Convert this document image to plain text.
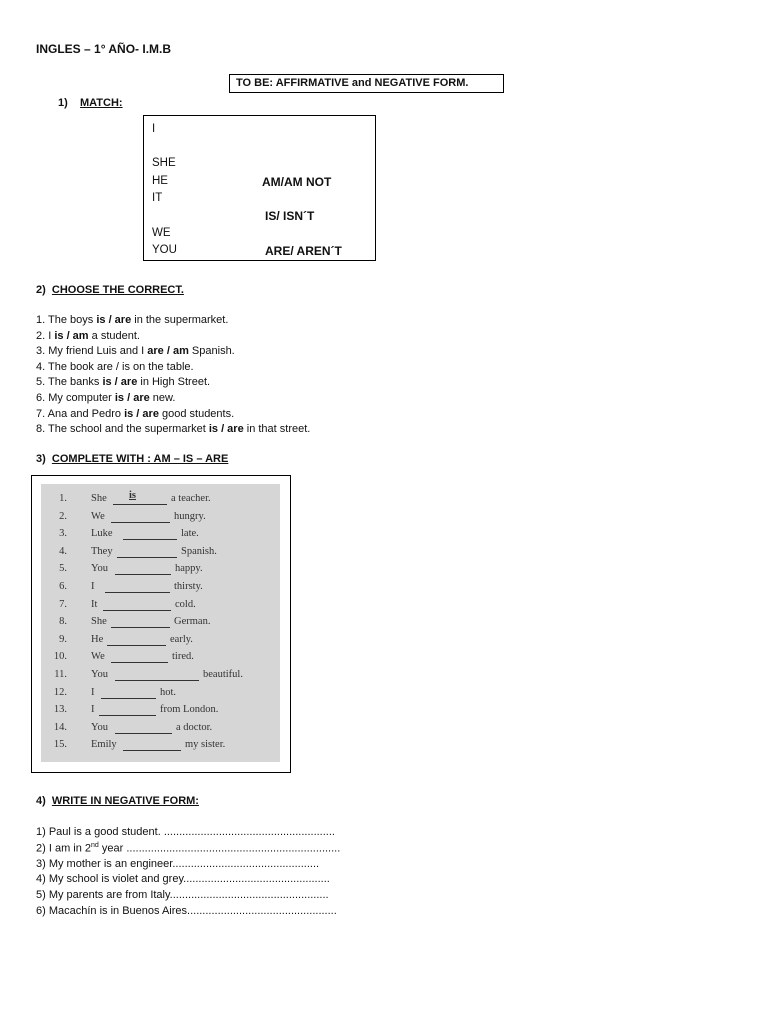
INGLES – 1° AÑO- I.M.B
TO BE: AFFIRMATIVE and NEGATIVE FORM.
1) MATCH:
I
SHE
HE
IT
WE
YOU
AM/AM NOT
IS/ ISN´T
ARE/ AREN´T
2) CHOOSE THE CORRECT.
1. The boys is / are in the supermarket.
2. I is / am a student.
3. My friend Luis and I are / am Spanish.
4. The book are / is on the table.
5. The banks is / are in High Street.
6. My computer is / are new.
7. Ana and Pedro is / are good students.
8. The school and the supermarket is / are in that street.
3) COMPLETE WITH : AM – IS – ARE
1. She is	a teacher.
2. We	hungry.
3. Luke	late.
4. They	Spanish.
5. You	happy.
6. I	thirsty.
7. It	cold.
8. She	German.
9. He	early.
10. We	tired.
11. You	beautiful.
12. I	hot.
13. I	from London.
14. You	a doctor.
15. Emily	my sister.
4) WRITE IN NEGATIVE FORM:
1) Paul is a good student. ........................................................
2) I am in 2nd year ......................................................................
3) My mother is an engineer................................................
4) My school is violet and grey................................................
5) My parents are from Italy....................................................
6) Macachín is in Buenos Aires.................................................
